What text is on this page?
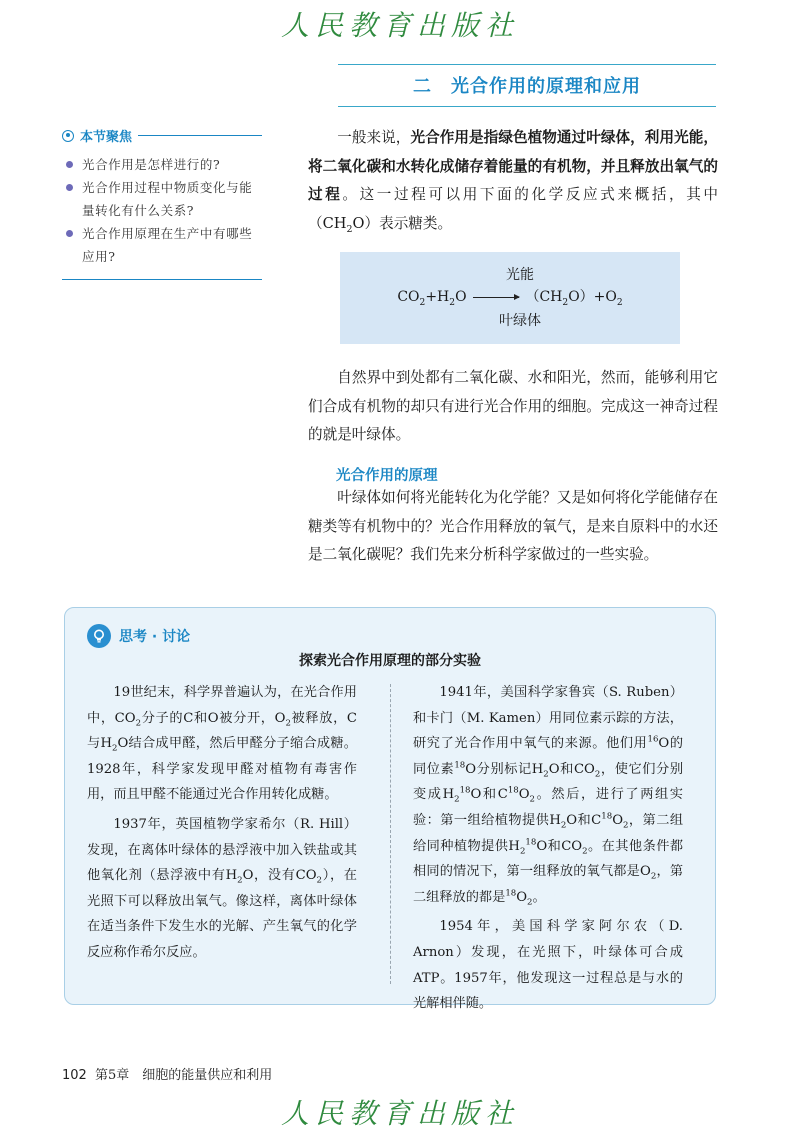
人民教育出版社
二　光合作用的原理和应用
本节聚焦
光合作用是怎样进行的?
光合作用过程中物质变化与能量转化有什么关系?
光合作用原理在生产中有哪些应用?
一般来说，光合作用是指绿色植物通过叶绿体，利用光能，将二氧化碳和水转化成储存着能量的有机物，并且释放出氧气的过程。这一过程可以用下面的化学反应式来概括，其中$(CH_2O)$表示糖类。
光能
$CO_2+H_2O \to (CH_2O)+O_2$
叶绿体
自然界中到处都有二氧化碳、水和阳光，然而，能够利用它们合成有机物的却只有进行光合作用的细胞。完成这一神奇过程的就是叶绿体。
光合作用的原理
叶绿体如何将光能转化为化学能？又是如何将化学能储存在糖类等有机物中的？光合作用释放的氧气，是来自原料中的水还是二氧化碳呢？我们先来分析科学家做过的一些实验。
思考 · 讨论
探索光合作用原理的部分实验

19世纪末，科学界普遍认为，在光合作用中，$CO_2$分子的C和O被分开，$O_2$被释放，C与$H_2O$结合成甲醛，然后甲醛分子缩合成糖。1928年，科学家发现甲醛对植物有毒害作用，而且甲醛不能通过光合作用转化成糖。

1937年，英国植物学家希尔（R. Hill）发现，在离体叶绿体的悬浮液中加入铁盐或其他氧化剂（悬浮液中有$H_2O$，没有$CO_2$），在光照下可以释放出氧气。像这样，离体叶绿体在适当条件下发生水的光解、产生氧气的化学反应称作希尔反应。

1941年，美国科学家鲁宾（S. Ruben）和卡门（M. Kamen）用同位素示踪的方法，研究了光合作用中氧气的来源。他们用$^{16}$O的同位素$^{18}$O分别标记$H_2O$和$CO_2$，使它们分别变成$H_2^{18}O$和$C^{18}O_2$。然后，进行了两组实验：第一组给植物提供$H_2O$和$C^{18}O_2$，第二组给同种植物提供$H_2^{18}O$和$CO_2$。在其他条件都相同的情况下，第一组释放的氧气都是$O_2$，第二组释放的都是$^{18}O_2$。

1954年，美国科学家阿尔农（D. Arnon）发现，在光照下，叶绿体可合成ATP。1957年，他发现这一过程总是与水的光解相伴随。

102 第5章　细胞的能量供应和利用
人民教育出版社
